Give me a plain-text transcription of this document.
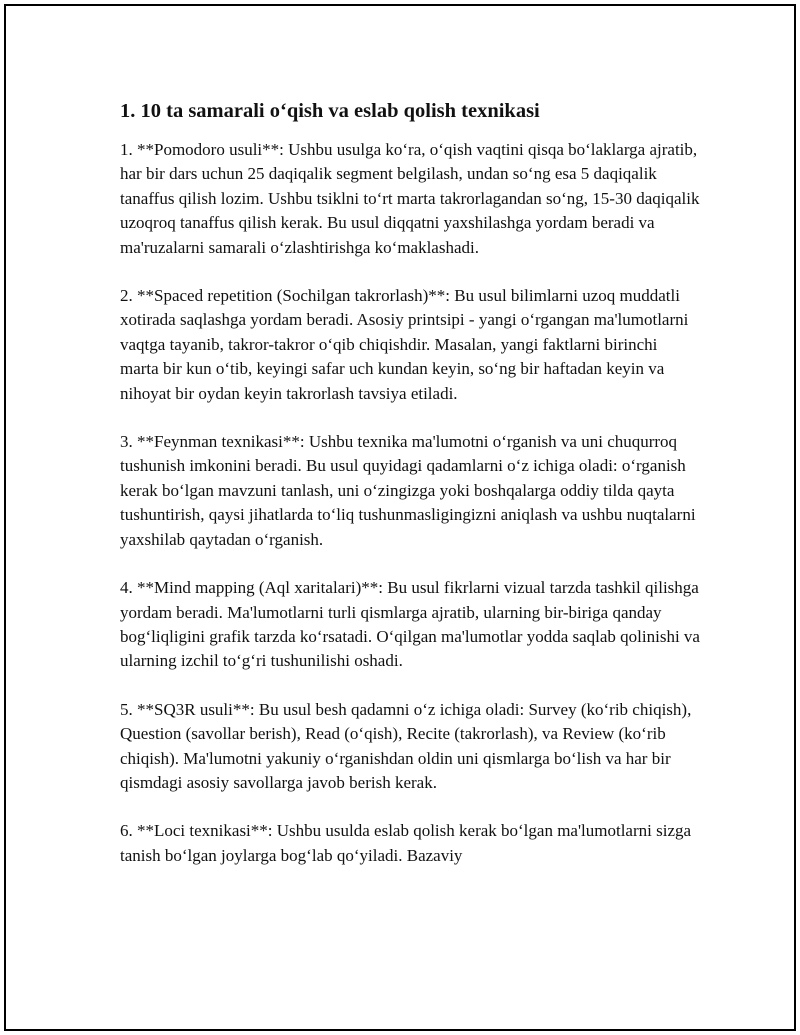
1. 10 ta samarali o‘qish va eslab qolish texnikasi

1. **Pomodoro usuli**: Ushbu usulga ko‘ra, o‘qish vaqtini qisqa bo‘laklarga ajratib, har bir dars uchun 25 daqiqalik segment belgilash, undan so‘ng esa 5 daqiqalik tanaffus qilish lozim. Ushbu tsiklni to‘rt marta takrorlagandan so‘ng, 15-30 daqiqalik uzoqroq tanaffus qilish kerak. Bu usul diqqatni yaxshilashga yordam beradi va ma'ruzalarni samarali o‘zlashtirishga ko‘maklashadi.

2. **Spaced repetition (Sochilgan takrorlash)**: Bu usul bilimlarni uzoq muddatli xotirada saqlashga yordam beradi. Asosiy printsipi - yangi o‘rgangan ma'lumotlarni vaqtga tayanib, takror-takror o‘qib chiqishdir. Masalan, yangi faktlarni birinchi marta bir kun o‘tib, keyingi safar uch kundan keyin, so‘ng bir haftadan keyin va nihoyat bir oydan keyin takrorlash tavsiya etiladi.

3. **Feynman texnikasi**: Ushbu texnika ma'lumotni o‘rganish va uni chuqurroq tushunish imkonini beradi. Bu usul quyidagi qadamlarni o‘z ichiga oladi: o‘rganish kerak bo‘lgan mavzuni tanlash, uni o‘zingizga yoki boshqalarga oddiy tilda qayta tushuntirish, qaysi jihatlarda to‘liq tushunmasligingizni aniqlash va ushbu nuqtalarni yaxshilab qaytadan o‘rganish.

4. **Mind mapping (Aql xaritalari)**: Bu usul fikrlarni vizual tarzda tashkil qilishga yordam beradi. Ma'lumotlarni turli qismlarga ajratib, ularning bir-biriga qanday bog‘liqligini grafik tarzda ko‘rsatadi. O‘qilgan ma'lumotlar yodda saqlab qolinishi va ularning izchil to‘g‘ri tushunilishi oshadi.

5. **SQ3R usuli**: Bu usul besh qadamni o‘z ichiga oladi: Survey (ko‘rib chiqish), Question (savollar berish), Read (o‘qish), Recite (takrorlash), va Review (ko‘rib chiqish). Ma'lumotni yakuniy o‘rganishdan oldin uni qismlarga bo‘lish va har bir qismdagi asosiy savollarga javob berish kerak.

6. **Loci texnikasi**: Ushbu usulda eslab qolish kerak bo‘lgan ma'lumotlarni sizga tanish bo‘lgan joylarga bog‘lab qo‘yiladi. Bazaviy
